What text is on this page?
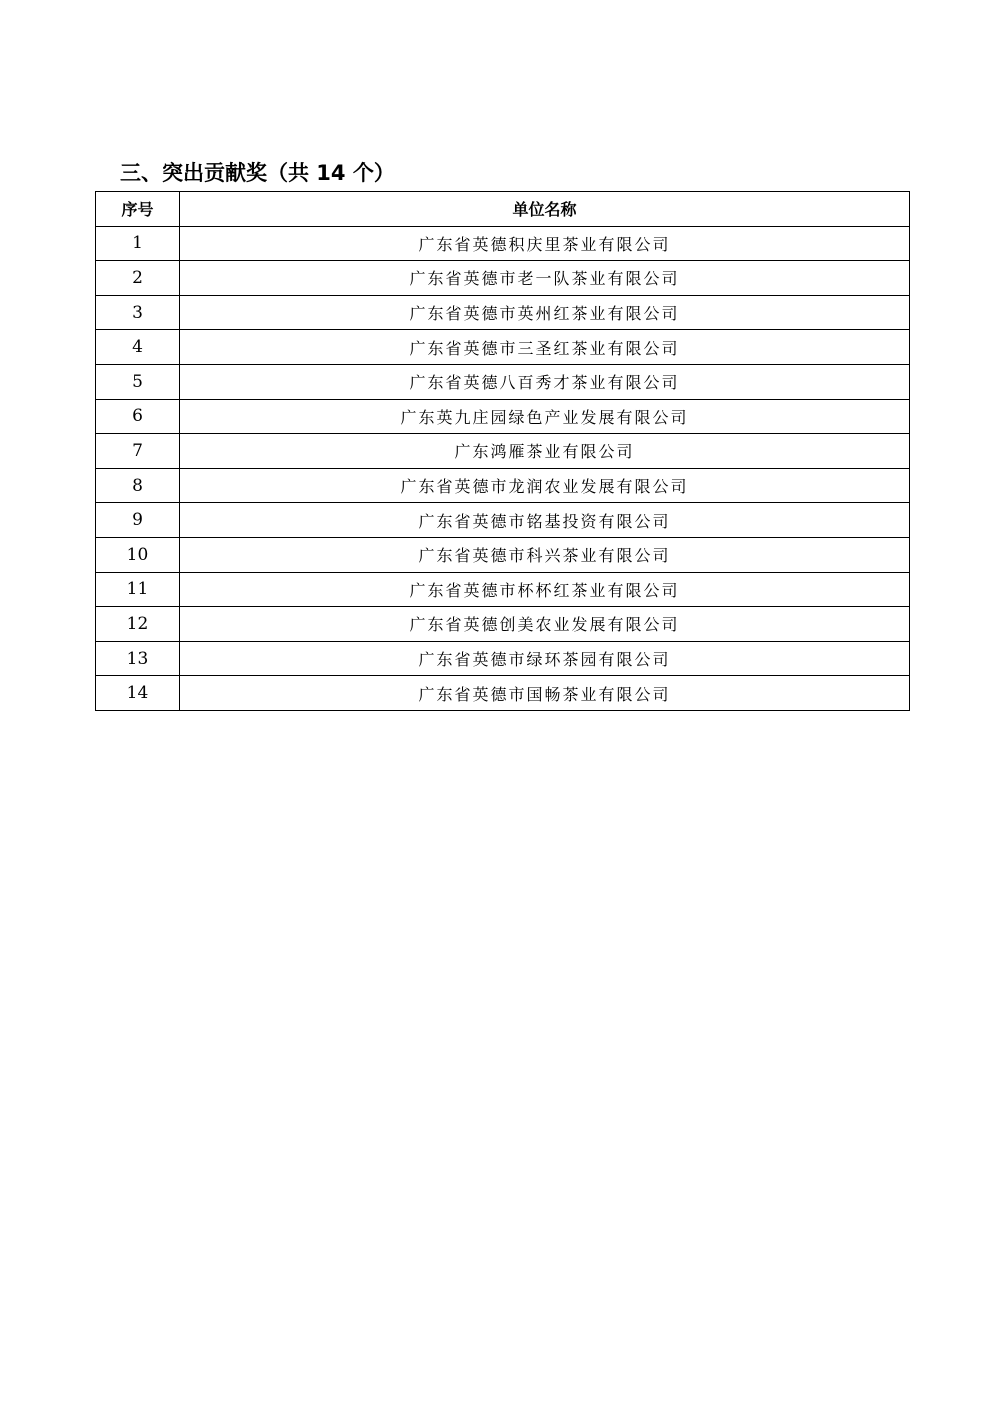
三、突出贡献奖（共 14 个）
序号	单位名称
1	广东省英德积庆里茶业有限公司
2	广东省英德市老一队茶业有限公司
3	广东省英德市英州红茶业有限公司
4	广东省英德市三圣红茶业有限公司
5	广东省英德八百秀才茶业有限公司
6	广东英九庄园绿色产业发展有限公司
7	广东鸿雁茶业有限公司
8	广东省英德市龙润农业发展有限公司
9	广东省英德市铭基投资有限公司
10	广东省英德市科兴茶业有限公司
11	广东省英德市杯杯红茶业有限公司
12	广东省英德创美农业发展有限公司
13	广东省英德市绿环茶园有限公司
14	广东省英德市国畅茶业有限公司
